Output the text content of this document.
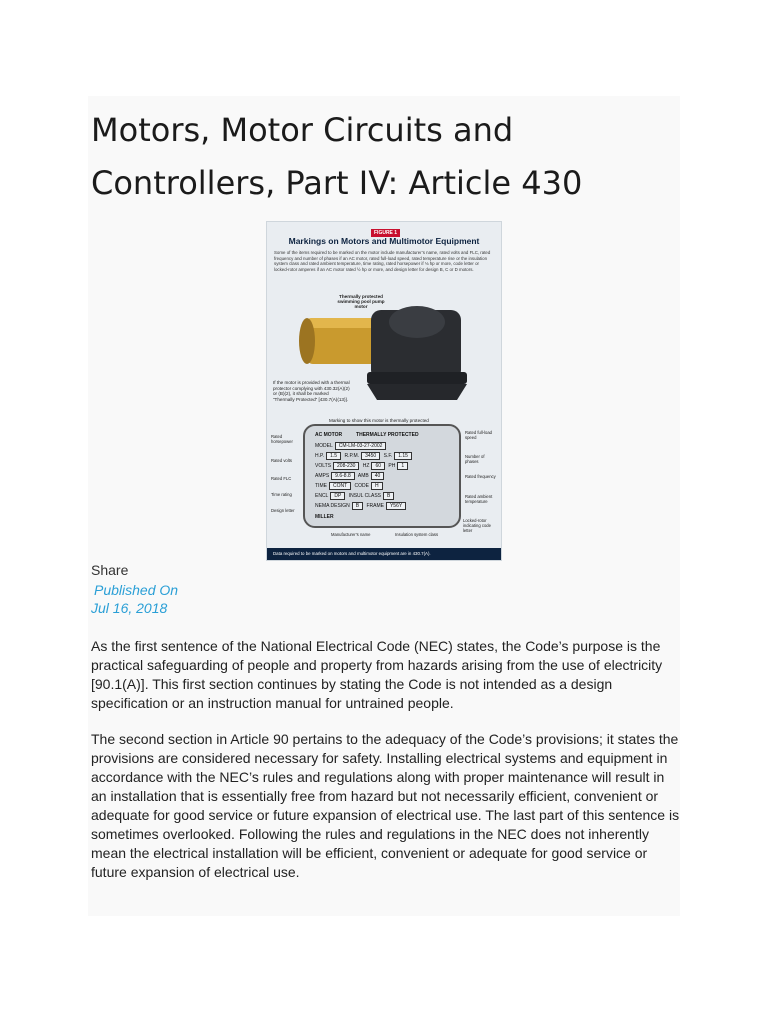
Motors, Motor Circuits and Controllers, Part IV: Article 430
FIGURE 1
Markings on Motors and Multimotor Equipment
Some of the items required to be marked on the motor include manufacturer’s name, rated volts and FLC, rated frequency and number of phases if an AC motor, rated full-load speed, rated temperature rise or the insulation system class and rated ambient temperature, time rating, rated horsepower if ⅛ hp or more, code letter or locked-rotor amperes if an AC motor rated ½ hp or more, and design letter for design B, C or D motors.
Thermally protected swimming pool pump motor
If the motor is provided with a thermal protector complying with 430.32(A)(2) or (B)(2), it shall be marked “Thermally Protected” [430.7(A)(13)].
Marking to show this motor is thermally protected
AC MOTOR	THERMALLY PROTECTED
MODEL CM-LM-03-27-2002
H.P. 1.5 R.P.M. 3450 S.F. 1.15
VOLTS 208-230 HZ 60 PH 1
AMPS 9.6-8.8 AMB 40
TIME CONT CODE H
ENCL DP INSUL CLASS B
NEMA DESIGN B FRAME Y56Y
MILLER
Rated horsepower
Rated volts
Rated FLC
Time rating
Design letter
Manufacturer’s name	Insulation system class
Rated full-load speed
Number of phases
Rated frequency
Rated ambient temperature
Locked-rotor indicating code letter
Data required to be marked on motors and multimotor equipment are in 430.7(A).
Share
Published On
Jul 16, 2018

As the first sentence of the National Electrical Code (NEC) states, the Code’s purpose is the practical safeguarding of people and property from hazards arising from the use of electricity [90.1(A)]. This first section continues by stating the Code is not intended as a design specification or an instruction manual for untrained people.

The second section in Article 90 pertains to the adequacy of the Code’s provisions; it states the provisions are considered necessary for safety. Installing electrical systems and equipment in accordance with the NEC’s rules and regulations along with proper maintenance will result in an installation that is essentially free from hazard but not necessarily efficient, convenient or adequate for good service or future expansion of electrical use. The last part of this sentence is sometimes overlooked. Following the rules and regulations in the NEC does not inherently mean the electrical installation will be efficient, convenient or adequate for good service or future expansion of electrical use.
